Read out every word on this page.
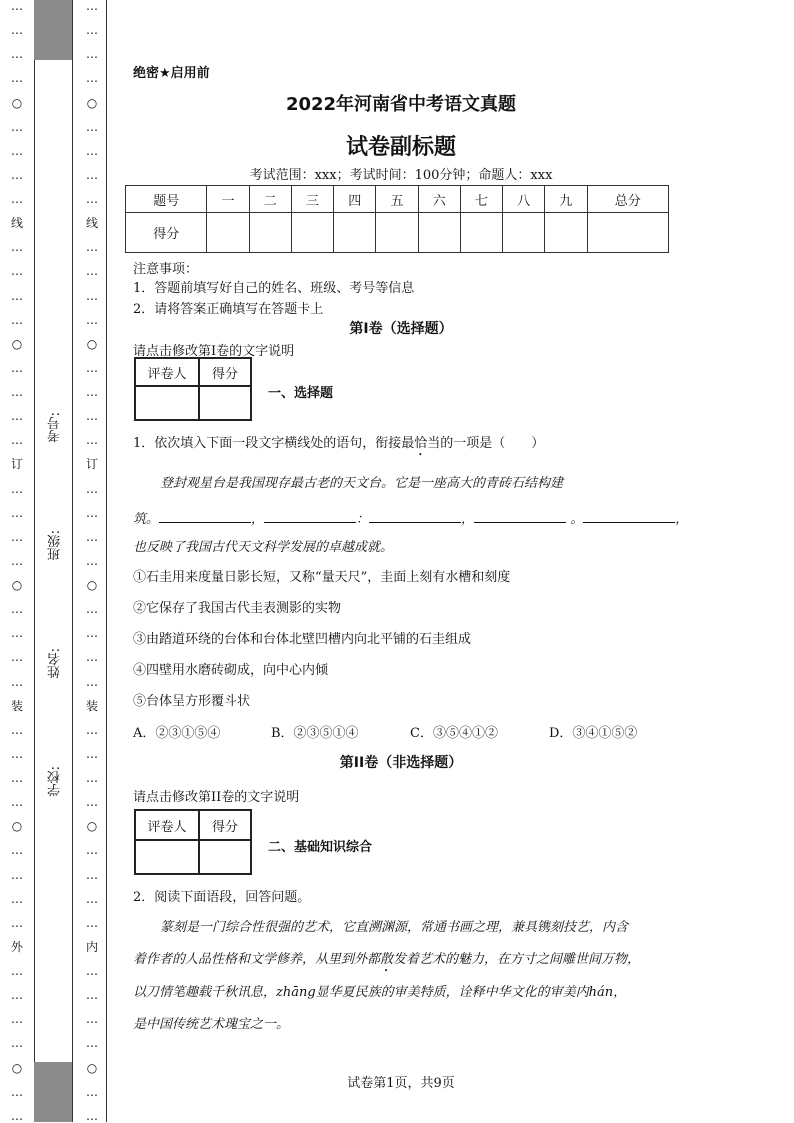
…
…
…
…
○
…
…
…
…
线
…
…
…
…
○
…
…
…
…
订
…
…
…
…
○
…
…
…
…
装
…
…
…
…
○
…
…
…
…
外
…
…
…
…
○
…
…
…
…
…
…
○
…
…
…
…
线
…
…
…
…
○
…
…
…
…
订
…
…
…
…
○
…
…
…
…
装
…
…
…
…
○
…
…
…
…
内
…
…
…
…
○
…
…
考号:
班级:
姓名:
学校:
绝密★启用前
2022年河南省中考语文真题
试卷副标题
考试范围：xxx；考试时间：100分钟；命题人：xxx
题号	一	二	三	四	五	六	七	八	九	总分
得分										
注意事项：
1．答题前填写好自己的姓名、班级、考号等信息
2．请将答案正确填写在答题卡上
第I卷（选择题）
请点击修改第I卷的文字说明
评卷人	得分

一、选择题
1．依次填入下面一段文字横线处的语句，衔接最恰当的一项是（　　）
登封观星台是我国现存最古老的天文台。它是一座高大的青砖石结构建
筑。	，	：	，	。	，
也反映了我国古代天文科学发展的卓越成就。
①石圭用来度量日影长短，又称“量天尺”，圭面上刻有水槽和刻度
②它保存了我国古代圭表测影的实物
③由踏道环绕的台体和台体北壁凹槽内向北平铺的石圭组成
④四壁用水磨砖砌成，向中心内倾
⑤台体呈方形覆斗状
A．②③①⑤④	B．②③⑤①④	C．③⑤④①②	D．③④①⑤②
第II卷（非选择题）
请点击修改第II卷的文字说明
评卷人	得分

二、基础知识综合
2．阅读下面语段，回答问题。
篆刻是一门综合性很强的艺术，它直溯渊源，常通书画之理，兼具镌刻技艺，内含
着作者的人品性格和文学修养，从里到外都散发着艺术的魅力，在方寸之间雕世间万物，
以刀情笔趣载千秋讯息，zhāng显华夏民族的审美特质，诠释中华文化的审美内hán，
是中国传统艺术瑰宝之一。
试卷第1页，共9页
